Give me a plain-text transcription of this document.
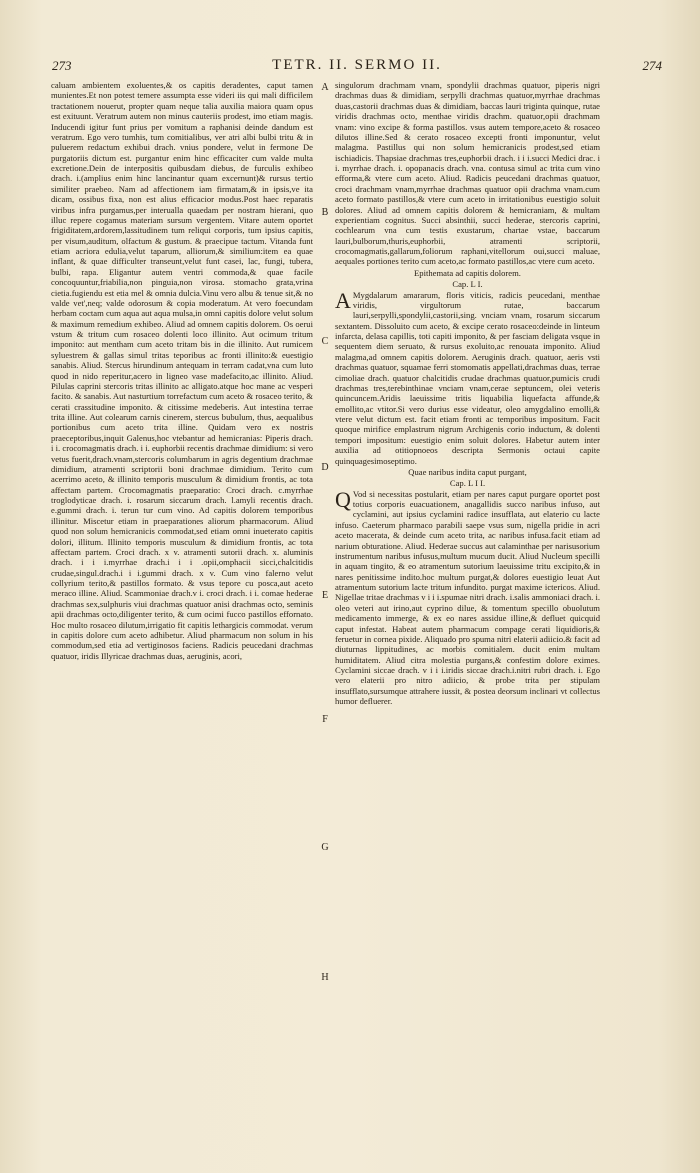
273	TETR. II. SERMO II.	274

caluam ambientem exoluentes,& os capitis deradentes, caput tamen munientes.Et non potest temere assumpta esse videri iis qui mali difficilem tractationem nouerut, propter quam neque talia auxilia maiora quam opus est exituunt. Veratrum autem non minus cauteriis prodest, imo etiam magis. Inducendi igitur funt prius per vomitum a raphanisi deinde dandum est veratrum. Ego vero tumhis, tum comitialibus, ver atri albi bulbi tritu & in puluerem redactum exhibui drach. vnius pondere, velut in fermone De purgatoriis dictum est. purgantur enim hinc efficaciter cum valde multa excretione.Dein de interpositis quibusdam diebus, de furculis exhibeo drach. i.(amplius enim hinc lancinantur quam excernunt)& rursus tertio similiter praebeo. Nam ad affectionem iam firmatam,& in ipsis,ve ita dicam, ossibus fixa, non est alius efficacior modus.Post haec reparatis viribus infra purgamus,per interualla quaedam per nostram hierani, quo illuc repere cogamus materiam sursum vergentem. Vitare autem oportet frigiditatem,ardorem,lassitudinem tum reliqui corporis, tum ipsius capitis, per visum,auditum, olfactum & gustum. & praecipue tactum. Vitanda funt etiam acriora edulia,velut taparum, alliorum,& similium:item ea quae inflant, & quae difficulter transeunt,velut funt casei, lac, fungi, tubera, bulbi, rapa. Eligantur autem ventri commoda,& quae facile concoquuntur,friabilia,non pinguia,non virosa. stomacho grata,vrina cietia.fugiendu est etia mel & omnia dulcia.Vinu vero albu & tenue sit,& no valde vet',neq; valde odorosum & copia moderatum. At vero foecundam herbam coctam cum aqua aut aqua mulsa,in omni capitis dolore velut solum & maximum remedium exhibeo. Aliud ad omnem capitis dolorem. Os oerui vstum & tritum cum rosaceo dolenti loco illinito. Aut ocimum tritum imponito: aut mentham cum aceto tritam bis in die illinito. Aut rumicem syluestrem & gallas simul tritas teporibus ac fronti illinito:& euestigio sanabis. Aliud. Stercus hirundinum antequam in terram cadat,vna cum luto quod in nido reperitur,acero in ligneo vase madefacito,ac illinito. Aliud. Pilulas caprini stercoris tritas illinito ac alligato.atque hoc mane ac vesperi facito. & sanabis. Aut nasturtium torrefactum cum aceto & rosaceo terito, & cerati crassitudine imponito. & citissime medeberis. Aut intestina terrae trita illine. Aut colearum carnis cinerem, stercus bubulum, thus, aequalibus portionibus cum aceto trita illine. Quidam vero ex nostris praeceptoribus,inquit Galenus,hoc vtebantur ad hemicranias: Piperis drach. i i. crocomagmatis drach. i i. euphorbii recentis drachmae dimidium: si vero vetus fuerit,drach.vnam,stercoris columbarum in agris degentium drachmae dimidium, atramenti scriptorii boni drachmae dimidium. Terito cum acerrimo aceto, & illinito temporis musculum & dimidium frontis, ac tota affectam partem. Crocomagmatis praeparatio: Croci drach. c.myrrhae troglodyticae drach. i. rosarum siccarum drach. l.amyli recentis drach. e.gummi drach. i. terun tur cum vino. Ad capitis dolorem temporibus illinitur. Miscetur etiam in praeparationes aliorum pharmacorum. Aliud quod non solum hemicranicis commodat,sed etiam omni inueterato capitis dolori, illitum. Illinito temporis musculum & dimidium frontis, ac tota affectam partem. Croci drach. x v. atramenti sutorii drach. x. aluminis drach. i i i.myrrhae drach.i i i .opii,omphacii sicci,chalcitidis crudae,singul.drach.i i i.gummi drach. x v. Cum vino falerno velut collyrium terito,& pastillos formato. & vsus tepore cu posca,aut aceto meraco illine. Aliud. Scammoniae drach.v i. croci drach. i i. comae hederae drachmas sex,sulphuris viui drachmas quatuor anisi drachmas octo, seminis apii drachmas octo,diligenter terito, & cum ocimi fucco pastillos effornato. Hoc multo rosaceo dilutum,irrigatio fit capitis lethargicis commodat. verum in capitis dolore cum aceto adhibetur. Aliud pharmacum non solum in his commodum,sed etia ad vertiginosos faciens. Radicis peucedani drachmas quatuor, iridis Illyricae drachmas duas, aeruginis, acori,

A
B
C
D
E
F
G
H

singulorum drachmam vnam, spondylii drachmas quatuor, piperis nigri drachmas duas & dimidiam, serpylli drachmas quatuor,myrrhae drachmas duas,castorii drachmas duas & dimidiam, baccas lauri triginta quinque, rutae viridis drachmas octo, menthae viridis drachm. quatuor,opii drachmam vnam: vino excipe & forma pastillos. vsus autem tempore,aceto & rosaceo dilutos illine.Sed & cerato rosaceo excepti fronti imponuntur, velut malagma. Pastillus qui non solum hemicranicis prodest,sed etiam ischiadicis. Thapsiae drachmas tres,euphorbii drach. i i i.succi Medici drac. i i. myrrhae drach. i. opopanacis drach. vna. contusa simul ac trita cum vino efforma,& vtere cum aceto. Aliud. Radicis peucedani drachmas quatuor, croci drachmam vnam,myrrhae drachmas quatuor opii drachma vnam.cum aceto formato pastillos,& vtere cum aceto in irritationibus euestigio soluit dolores. Aliud ad omnem capitis dolorem & hemicraniam, & multam experientiam cognitus. Succi absinthii, succi hederae, stercoris caprini, cochlearum vna cum testis exustarum, chartae vstae, baccarum lauri,bulborum,thuris,euphorbii, atramenti scriptorii, crocomagmatis,gallarum,foliorum raphani,vitellorum oui,succi maluae, aequales portiones terito cum aceto,ac formato pastillos,ac vtere cum aceto.

Epithemata ad capitis dolorem.
Cap. L I.

A Mygdalarum amararum, floris viticis, radicis peucedani, menthae viridis, virgultorum rutae, baccarum lauri,serpylli,spondylii,castorii,sing. vnciam vnam, rosarum siccarum sextantem. Dissoluito cum aceto, & excipe cerato rosaceo:deinde in linteum infarcta, delasa capillis, toti capiti imponito, & per fasciam deligata vsque in sequentem diem seruato, & rursus exoluito,ac renouata imponito. Aliud malagma,ad omnem capitis dolorem. Aeruginis drach. quatuor, aeris vsti drachmas quatuor, squamae ferri stomomatis appellati,drachmas duas, terrae cimoliae drach. quatuor chalcitidis crudae drachmas quatuor,pumicis crudi drachmas tres,terebinthinae vnciam vnam,cerae septuncem, olei veteris quincuncem.Aridis laeuissime tritis liquabilia liquefacta affunde,& emollito,ac vtitor.Si vero durius esse videatur, oleo amygdalino emolli,& vtere velut dictum est. facit etiam fronti ac temporibus impositum. Facit quoque mirifice emplastrum nigrum Archigenis corio inductum, & dolenti tempori impositum: euestigio enim soluit dolores. Habetur autem inter auxilia ad otitiopnoeos descripta Sermonis octaui capite quinquagesimoseptimo.

Quae naribus indita caput purgant,
Cap. L I I.

Q Vod si necessitas postularit, etiam per nares caput purgare oportet post totius corporis euacuationem, anagallidis succo naribus infuso, aut cyclamini, aut ipsius cyclamini radice insufflata, aut elaterio cu lacte infuso. Caeterum pharmaco parabili saepe vsus sum, nigella pridie in acri aceto macerata, & deinde cum aceto trita, ac naribus infusa.facit etiam ad narium obturatione. Aliud. Hederae succus aut calaminthae per narisusorium instrumentum naribus infusus,multum mucum ducit. Aliud Nucleum specilli in aquam tingito, & eo atramentum sutorium laeuissime tritu excipito,& in nares penitissime indito.hoc multum purgat,& dolores euestigio leuat Aut atramentum sutorium lacte tritum infundito. purgat maxime ictericos. Aliud. Nigellae tritae drachmas v i i i.spumae nitri drach. i.salis ammoniaci drach. i. oleo veteri aut irino,aut cyprino dilue, & tomentum specillo obuolutum medicamento immerge, & ex eo nares assidue illine,& defluet quicquid caput infestat. Habeat autem pharmacum compage cerati liquidioris,& feruetur in cornea pixide. Aliquado pro spuma nitri elaterii adiicio.& facit ad diuturnas lippitudines, ac morbis comitialem. ducit enim multam humiditatem. Aliud citra molestia purgans,& confestim dolore eximes. Cyclamini siccae drach. v i i i.iridis siccae drach.i.nitri rubri drach. i. Ego vero elaterii pro nitro adiicio, & probe trita per stipulam insufflato,sursumque attrahere iussit, & postea deorsum inclinari vt collectus humor defluerer.
